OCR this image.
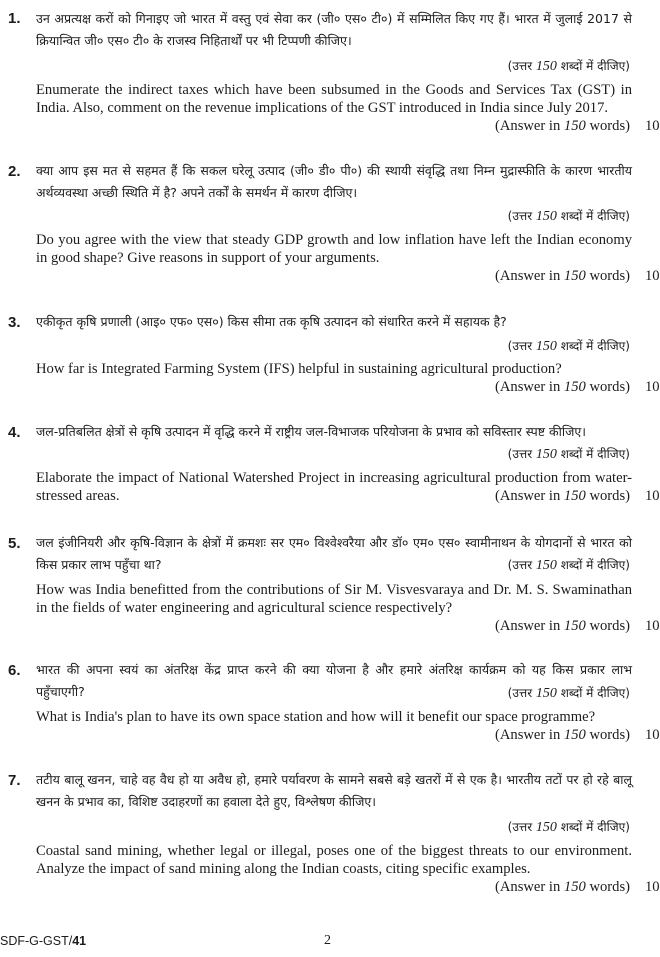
1. उन अप्रत्यक्ष करों को गिनाइए जो भारत में वस्तु एवं सेवा कर (जी० एस० टी०) में सम्मिलित किए गए हैं। भारत में जुलाई 2017 से क्रियान्वित जी० एस० टी० के राजस्व निहितार्थों पर भी टिप्पणी कीजिए।
(उत्तर 150 शब्दों में दीजिए)
Enumerate the indirect taxes which have been subsumed in the Goods and Services Tax (GST) in India. Also, comment on the revenue implications of the GST introduced in India since July 2017.
(Answer in 150 words) 10
2. क्या आप इस मत से सहमत हैं कि सकल घरेलू उत्पाद (जी० डी० पी०) की स्थायी संवृद्धि तथा निम्न मुद्रास्फीति के कारण भारतीय अर्थव्यवस्था अच्छी स्थिति में है? अपने तर्कों के समर्थन में कारण दीजिए।
(उत्तर 150 शब्दों में दीजिए)
Do you agree with the view that steady GDP growth and low inflation have left the Indian economy in good shape? Give reasons in support of your arguments.
(Answer in 150 words) 10
3. एकीकृत कृषि प्रणाली (आइ० एफ० एस०) किस सीमा तक कृषि उत्पादन को संधारित करने में सहायक है?
(उत्तर 150 शब्दों में दीजिए)
How far is Integrated Farming System (IFS) helpful in sustaining agricultural production?
(Answer in 150 words) 10
4. जल-प्रतिबलित क्षेत्रों से कृषि उत्पादन में वृद्धि करने में राष्ट्रीय जल-विभाजक परियोजना के प्रभाव को सविस्तार स्पष्ट कीजिए।
(उत्तर 150 शब्दों में दीजिए)
Elaborate the impact of National Watershed Project in increasing agricultural production from water-stressed areas.	(Answer in 150 words) 10
5. जल इंजीनियरी और कृषि-विज्ञान के क्षेत्रों में क्रमशः सर एम० विश्वेश्वरैया और डॉ० एम० एस० स्वामीनाथन के योगदानों से भारत को किस प्रकार लाभ पहुँचा था?	(उत्तर 150 शब्दों में दीजिए)
How was India benefitted from the contributions of Sir M. Visvesvaraya and Dr. M. S. Swaminathan in the fields of water engineering and agricultural science respectively?
(Answer in 150 words) 10
6. भारत की अपना स्वयं का अंतरिक्ष केंद्र प्राप्त करने की क्या योजना है और हमारे अंतरिक्ष कार्यक्रम को यह किस प्रकार लाभ पहुँचाएगी?	(उत्तर 150 शब्दों में दीजिए)
What is India's plan to have its own space station and how will it benefit our space programme?
(Answer in 150 words) 10
7. तटीय बालू खनन, चाहे वह वैध हो या अवैध हो, हमारे पर्यावरण के सामने सबसे बड़े खतरों में से एक है। भारतीय तटों पर हो रहे बालू खनन के प्रभाव का, विशिष्ट उदाहरणों का हवाला देते हुए, विश्लेषण कीजिए।
(उत्तर 150 शब्दों में दीजिए)
Coastal sand mining, whether legal or illegal, poses one of the biggest threats to our environment. Analyze the impact of sand mining along the Indian coasts, citing specific examples.
(Answer in 150 words) 10
SDF-G-GST/41	2
